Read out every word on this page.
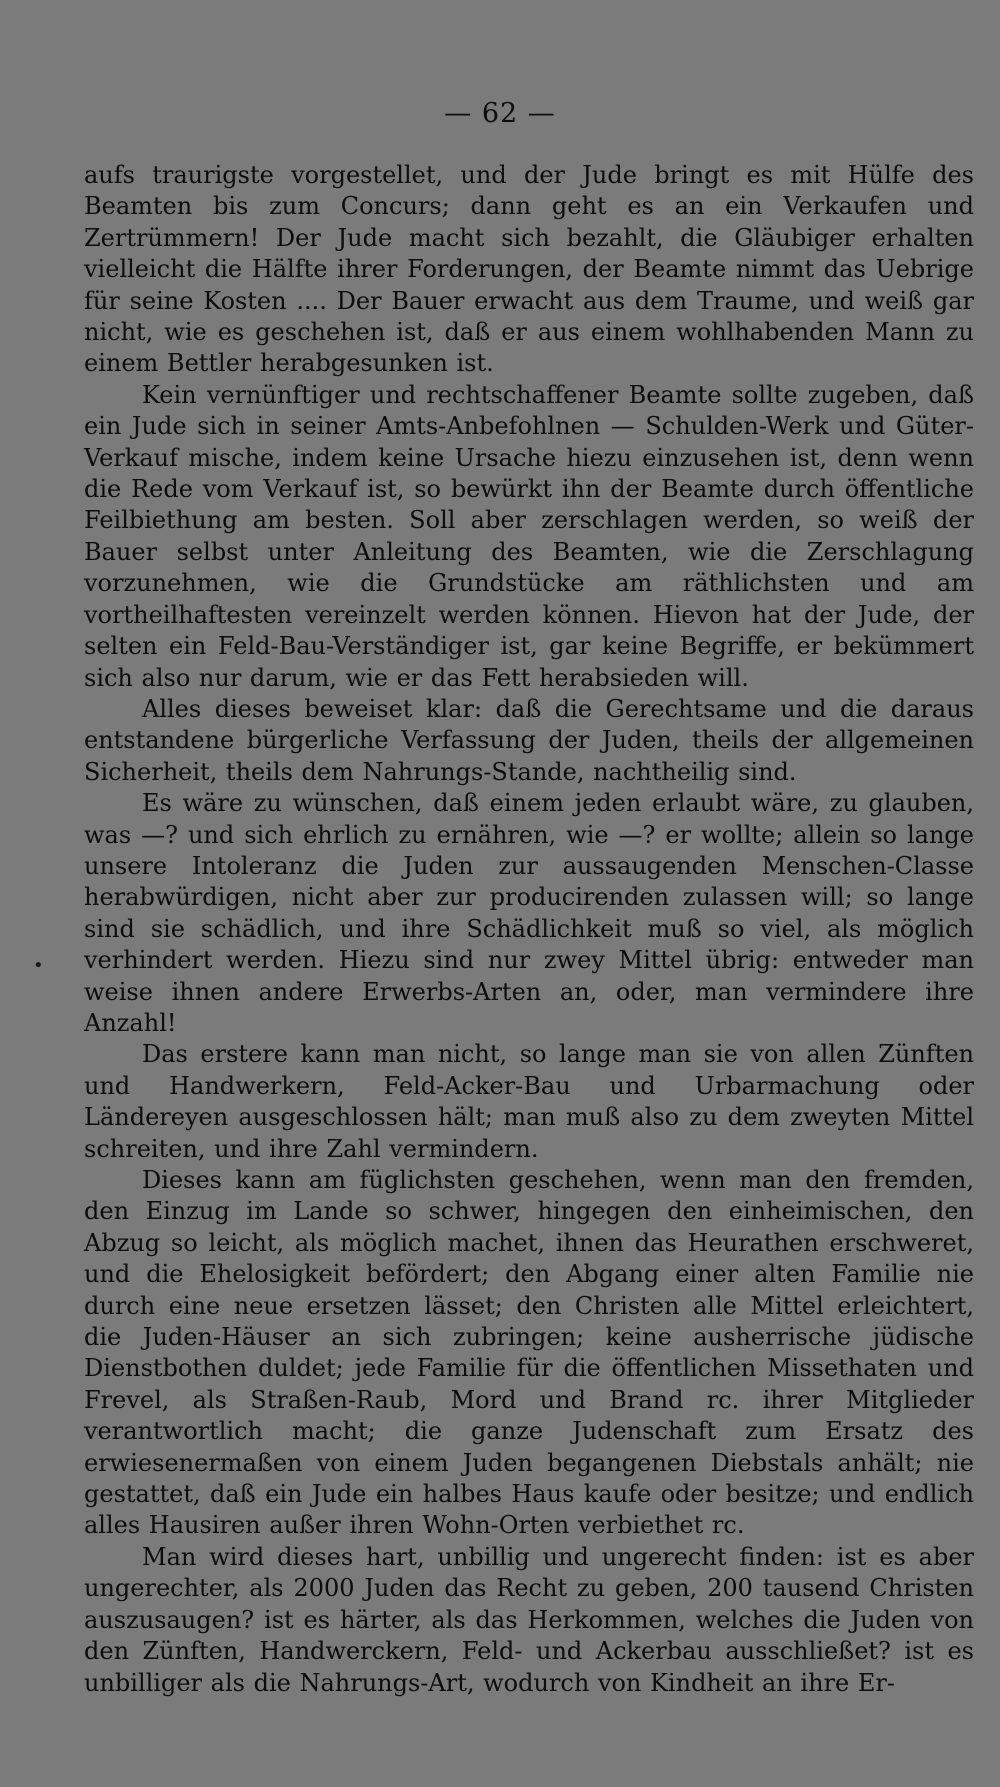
— 62 —
•

aufs traurigste vorgestellet, und der Jude bringt es mit Hülfe des Beamten bis zum Concurs; dann geht es an ein Verkaufen und Zertrümmern! Der Jude macht sich bezahlt, die Gläubiger erhalten vielleicht die Hälfte ihrer Forderungen, der Beamte nimmt das Uebrige für seine Kosten .... Der Bauer erwacht aus dem Traume, und weiß gar nicht, wie es geschehen ist, daß er aus einem wohlhabenden Mann zu einem Bettler herabgesunken ist.

Kein vernünftiger und rechtschaffener Beamte sollte zugeben, daß ein Jude sich in seiner Amts-Anbefohlnen — Schulden-Werk und Güter-Verkauf mische, indem keine Ursache hiezu einzusehen ist, denn wenn die Rede vom Verkauf ist, so bewürkt ihn der Beamte durch öffentliche Feilbiethung am besten. Soll aber zerschlagen werden, so weiß der Bauer selbst unter Anleitung des Beamten, wie die Zerschlagung vorzunehmen, wie die Grundstücke am räthlichsten und am vortheilhaftesten vereinzelt werden können. Hievon hat der Jude, der selten ein Feld-Bau-Verständiger ist, gar keine Begriffe, er bekümmert sich also nur darum, wie er das Fett herabsieden will.

Alles dieses beweiset klar: daß die Gerechtsame und die daraus entstandene bürgerliche Verfassung der Juden, theils der allgemeinen Sicherheit, theils dem Nahrungs-Stande, nachtheilig sind.

Es wäre zu wünschen, daß einem jeden erlaubt wäre, zu glauben, was —? und sich ehrlich zu ernähren, wie —? er wollte; allein so lange unsere Intoleranz die Juden zur aussaugenden Menschen-Classe herabwürdigen, nicht aber zur producirenden zulassen will; so lange sind sie schädlich, und ihre Schädlichkeit muß so viel, als möglich verhindert werden. Hiezu sind nur zwey Mittel übrig: entweder man weise ihnen andere Erwerbs-Arten an, oder, man vermindere ihre Anzahl!

Das erstere kann man nicht, so lange man sie von allen Zünften und Handwerkern, Feld-Acker-Bau und Urbarmachung oder Ländereyen ausgeschlossen hält; man muß also zu dem zweyten Mittel schreiten, und ihre Zahl vermindern.

Dieses kann am füglichsten geschehen, wenn man den fremden, den Einzug im Lande so schwer, hingegen den einheimischen, den Abzug so leicht, als möglich machet, ihnen das Heurathen erschweret, und die Ehelosigkeit befördert; den Abgang einer alten Familie nie durch eine neue ersetzen lässet; den Christen alle Mittel erleichtert, die Juden-Häuser an sich zubringen; keine ausherrische jüdische Dienstbothen duldet; jede Familie für die öffentlichen Missethaten und Frevel, als Straßen-Raub, Mord und Brand rc. ihrer Mitglieder verantwortlich macht; die ganze Judenschaft zum Ersatz des erwiesenermaßen von einem Juden begangenen Diebstals anhält; nie gestattet, daß ein Jude ein halbes Haus kaufe oder besitze; und endlich alles Hausiren außer ihren Wohn-Orten verbiethet rc.

Man wird dieses hart, unbillig und ungerecht finden: ist es aber ungerechter, als 2000 Juden das Recht zu geben, 200 tausend Christen auszusaugen? ist es härter, als das Herkommen, welches die Juden von den Zünften, Handwerckern, Feld- und Ackerbau ausschließet? ist es unbilliger als die Nahrungs-Art, wodurch von Kindheit an ihre Er-
